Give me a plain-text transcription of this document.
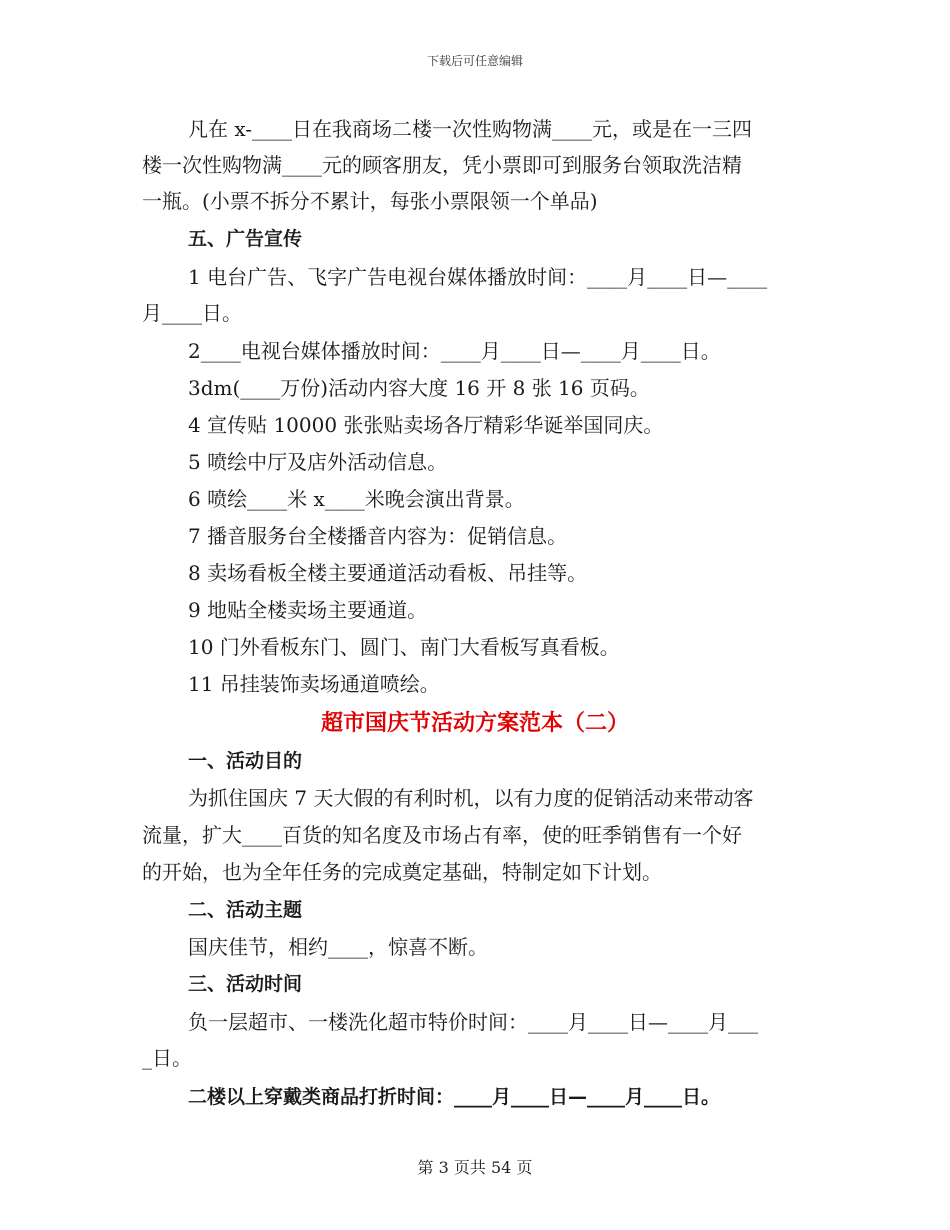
下载后可任意编辑
凡在 x-____日在我商场二楼一次性购物满____元，或是在一三四
楼一次性购物满____元的顾客朋友，凭小票即可到服务台领取洗洁精
一瓶。(小票不拆分不累计，每张小票限领一个单品)
五、广告宣传
1 电台广告、飞字广告电视台媒体播放时间：____月____日—____
月____日。
2____电视台媒体播放时间：____月____日—____月____日。
3dm(____万份)活动内容大度 16 开 8 张 16 页码。
4 宣传贴 10000 张张贴卖场各厅精彩华诞举国同庆。
5 喷绘中厅及店外活动信息。
6 喷绘____米 x____米晚会演出背景。
7 播音服务台全楼播音内容为：促销信息。
8 卖场看板全楼主要通道活动看板、吊挂等。
9 地贴全楼卖场主要通道。
10 门外看板东门、圆门、南门大看板写真看板。
11 吊挂装饰卖场通道喷绘。
超市国庆节活动方案范本（二）
一、活动目的
为抓住国庆 7 天大假的有利时机，以有力度的促销活动来带动客
流量，扩大____百货的知名度及市场占有率，使的旺季销售有一个好
的开始，也为全年任务的完成奠定基础，特制定如下计划。
二、活动主题
国庆佳节，相约____，惊喜不断。
三、活动时间
负一层超市、一楼洗化超市特价时间：____月____日—____月___
_日。
二楼以上穿戴类商品打折时间：____月____日—____月____日。
第 3 页共 54 页
